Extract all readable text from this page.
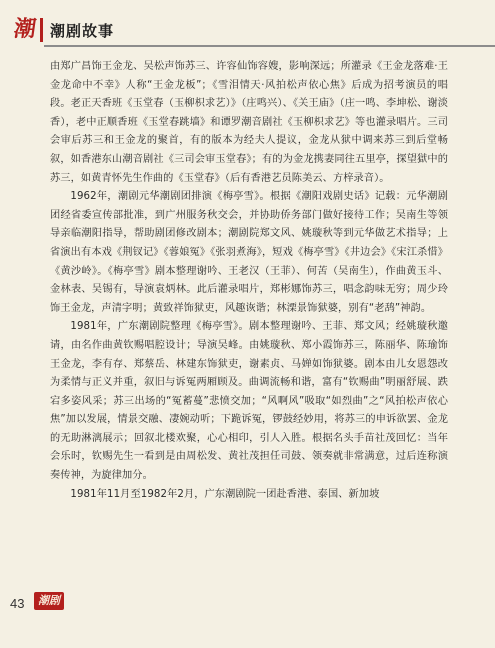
潮 潮剧故事

由郑广昌饰王金龙、吴松声饰苏三、许容仙饰容嫂，影响深远；所灌录《王金龙落难·王金龙命中不幸》人称“王金龙板”；《雪泪情天·风拍松声依心焦》后成为招考演员的唱段。老正天香班《玉堂春（玉柳枳求艺）》（庄鸣兴）、《关王庙》（庄一鸣、李坤松、谢淡香），老中正顺香班《玉堂春跳墙》和谭罗潮音剧社《玉柳枳求艺》等也灌录唱片。三司会审后苏三和王金龙的聚首，有的版本为经夫人提议，金龙从狱中调来苏三到后堂畅叙，如香港东山潮音剧社《三司会审玉堂春》；有的为金龙携妻同往五里亭，探望獄中的苏三，如黄青怀先生作曲的《玉堂春》（后有香港艺员陈美云、方梓录音）。

1962年，潮剧元华潮剧团排演《梅亭雪》。根据《潮阳戏剧史话》记载：元华潮剧团经省委宣传部批准，到广州服务秋交会，并协助侨务部门做好接待工作；吴南生等领导亲临潮阳指导，帮助剧团修改剧本；潮剧院郑文风、姚璇秋等到元华做艺术指导；上省演出有本戏《荆钗记》《蓉娘冤》《张羽煮海》，短戏《梅亭雪》《井边会》《宋江杀惜》《黄沙岭》。《梅亭雪》剧本整理谢吟、王老汉（王菲）、何苦（吴南生），作曲黄玉斗、金林表、吴锡有，导演袁炳林。此后灌录唱片，郑彬娜饰苏三，唱念韵味无穷；周少玲饰王金龙，声清字明；黄致祥饰狱吏，风趣诙谐；林溧景饰狱婆，别有“老鸹”神韵。

1981年，广东潮剧院整理《梅亭雪》。剧本整理谢吟、王菲、郑文风；经姚璇秋邀请，由名作曲黄钦赐唱腔设计；导演吴峰。由姚璇秋、郑小霞饰苏三，陈丽华、陈瑜饰王金龙，李有存、郑蔡岳、林建东饰狱吏，谢素贞、马婵如饰狱婆。剧本由儿女恩怨改为柔情与正义并重，叙旧与诉冤两厢顾及。曲调流畅和谐，富有“钦赐曲”明丽舒展、跌宕多姿风采；苏三出场的“冤蓄蔓”悲愤交加；“风啊风”吸取“如烈曲”之“风拍松声依心焦”加以发展，情景交融、凄婉动听；下跪诉冤，锣鼓经妙用，将苏三的申诉欲罢、金龙的无助淋漓展示；回叙北楼欢聚，心心相印，引人入胜。根据名头手苗社茂回忆：当年会乐时，钦赐先生一看到是由周松发、黄社茂担任司鼓、领奏就非常满意，过后连称演奏传神，为旋律加分。

1981年11月至1982年2月，广东潮剧院一团赴香港、泰国、新加坡

43	潮剧
